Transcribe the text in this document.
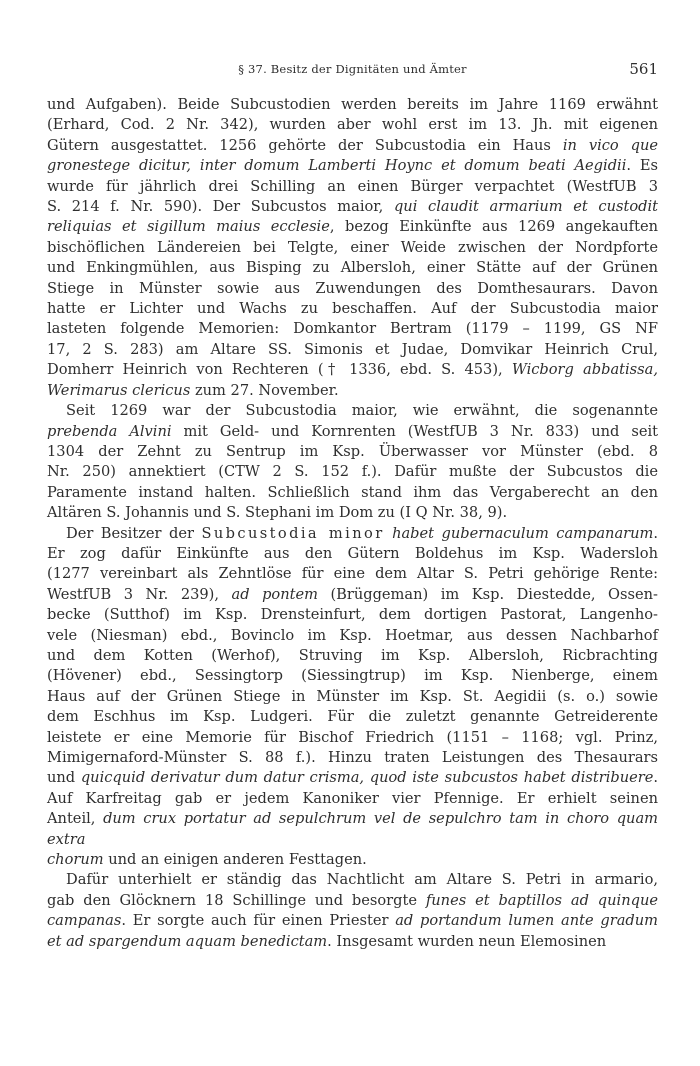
§ 37. Besitz der Dignitäten und Ämter	561

und Aufgaben). Beide Subcustodien werden bereits im Jahre 1169 erwähnt

(Erhard, Cod. 2 Nr. 342), wurden aber wohl erst im 13. Jh. mit eigenen

Gütern ausgestattet. 1256 gehörte der Subcustodia ein Haus in vico que

gronestege dicitur, inter domum Lamberti Hoync et domum beati Aegidii. Es

wurde für jährlich drei Schilling an einen Bürger verpachtet (WestfUB 3

S. 214 f. Nr. 590). Der Subcustos maior, qui claudit armarium et custodit

reliquias et sigillum maius ecclesie, bezog Einkünfte aus 1269 angekauften

bischöflichen Ländereien bei Telgte, einer Weide zwischen der Nordpforte

und Enkingmühlen, aus Bisping zu Albersloh, einer Stätte auf der Grünen

Stiege in Münster sowie aus Zuwendungen des Domthesaurars. Davon

hatte er Lichter und Wachs zu beschaffen. Auf der Subcustodia maior

lasteten folgende Memorien: Domkantor Bertram (1179 – 1199, GS NF

17, 2 S. 283) am Altare SS. Simonis et Judae, Domvikar Heinrich Crul,

Domherr Heinrich von Rechteren († 1336, ebd. S. 453), Wicborg abbatissa,

Werimarus clericus zum 27. November.

Seit 1269 war der Subcustodia maior, wie erwähnt, die sogenannte

prebenda Alvini mit Geld- und Kornrenten (WestfUB 3 Nr. 833) und seit

1304 der Zehnt zu Sentrup im Ksp. Überwasser vor Münster (ebd. 8

Nr. 250) annektiert (CTW 2 S. 152 f.). Dafür mußte der Subcustos die

Paramente instand halten. Schließlich stand ihm das Vergaberecht an den

Altären S. Johannis und S. Stephani im Dom zu (I Q Nr. 38, 9).

Der Besitzer der Subcustodia minor habet gubernaculum campanarum.

Er zog dafür Einkünfte aus den Gütern Boldehus im Ksp. Wadersloh

(1277 vereinbart als Zehntlöse für eine dem Altar S. Petri gehörige Rente:

WestfUB 3 Nr. 239), ad pontem (Brüggeman) im Ksp. Diestedde, Ossen-

becke (Sutthof) im Ksp. Drensteinfurt, dem dortigen Pastorat, Langenho-

vele (Niesman) ebd., Bovinclo im Ksp. Hoetmar, aus dessen Nachbarhof

und dem Kotten (Werhof), Struving im Ksp. Albersloh, Ricbrachting

(Hövener) ebd., Sessingtorp (Siessingtrup) im Ksp. Nienberge, einem

Haus auf der Grünen Stiege in Münster im Ksp. St. Aegidii (s. o.) sowie

dem Eschhus im Ksp. Ludgeri. Für die zuletzt genannte Getreiderente

leistete er eine Memorie für Bischof Friedrich (1151 – 1168; vgl. Prinz,

Mimigernaford-Münster S. 88 f.). Hinzu traten Leistungen des Thesaurars

und quicquid derivatur dum datur crisma, quod iste subcustos habet distribuere.

Auf Karfreitag gab er jedem Kanoniker vier Pfennige. Er erhielt seinen

Anteil, dum crux portatur ad sepulchrum vel de sepulchro tam in choro quam extra

chorum und an einigen anderen Festtagen.

Dafür unterhielt er ständig das Nachtlicht am Altare S. Petri in armario,

gab den Glöcknern 18 Schillinge und besorgte funes et baptillos ad quinque

campanas. Er sorgte auch für einen Priester ad portandum lumen ante gradum

et ad spargendum aquam benedictam. Insgesamt wurden neun Elemosinen
